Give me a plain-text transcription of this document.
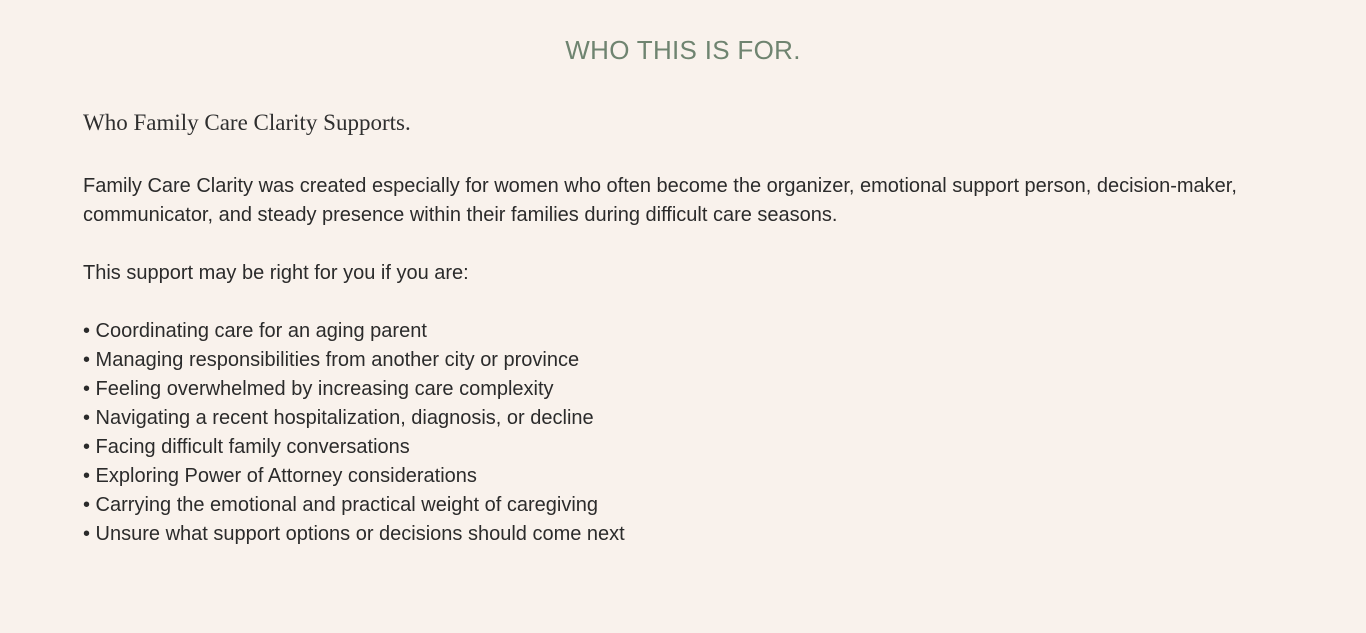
WHO THIS IS FOR.
Who Family Care Clarity Supports.

Family Care Clarity was created especially for women who often become the organizer, emotional support person, decision-maker, communicator, and steady presence within their families during difficult care seasons.

This support may be right for you if you are:

• Coordinating care for an aging parent
• Managing responsibilities from another city or province
• Feeling overwhelmed by increasing care complexity
• Navigating a recent hospitalization, diagnosis, or decline
• Facing difficult family conversations
• Exploring Power of Attorney considerations
• Carrying the emotional and practical weight of caregiving
• Unsure what support options or decisions should come next
